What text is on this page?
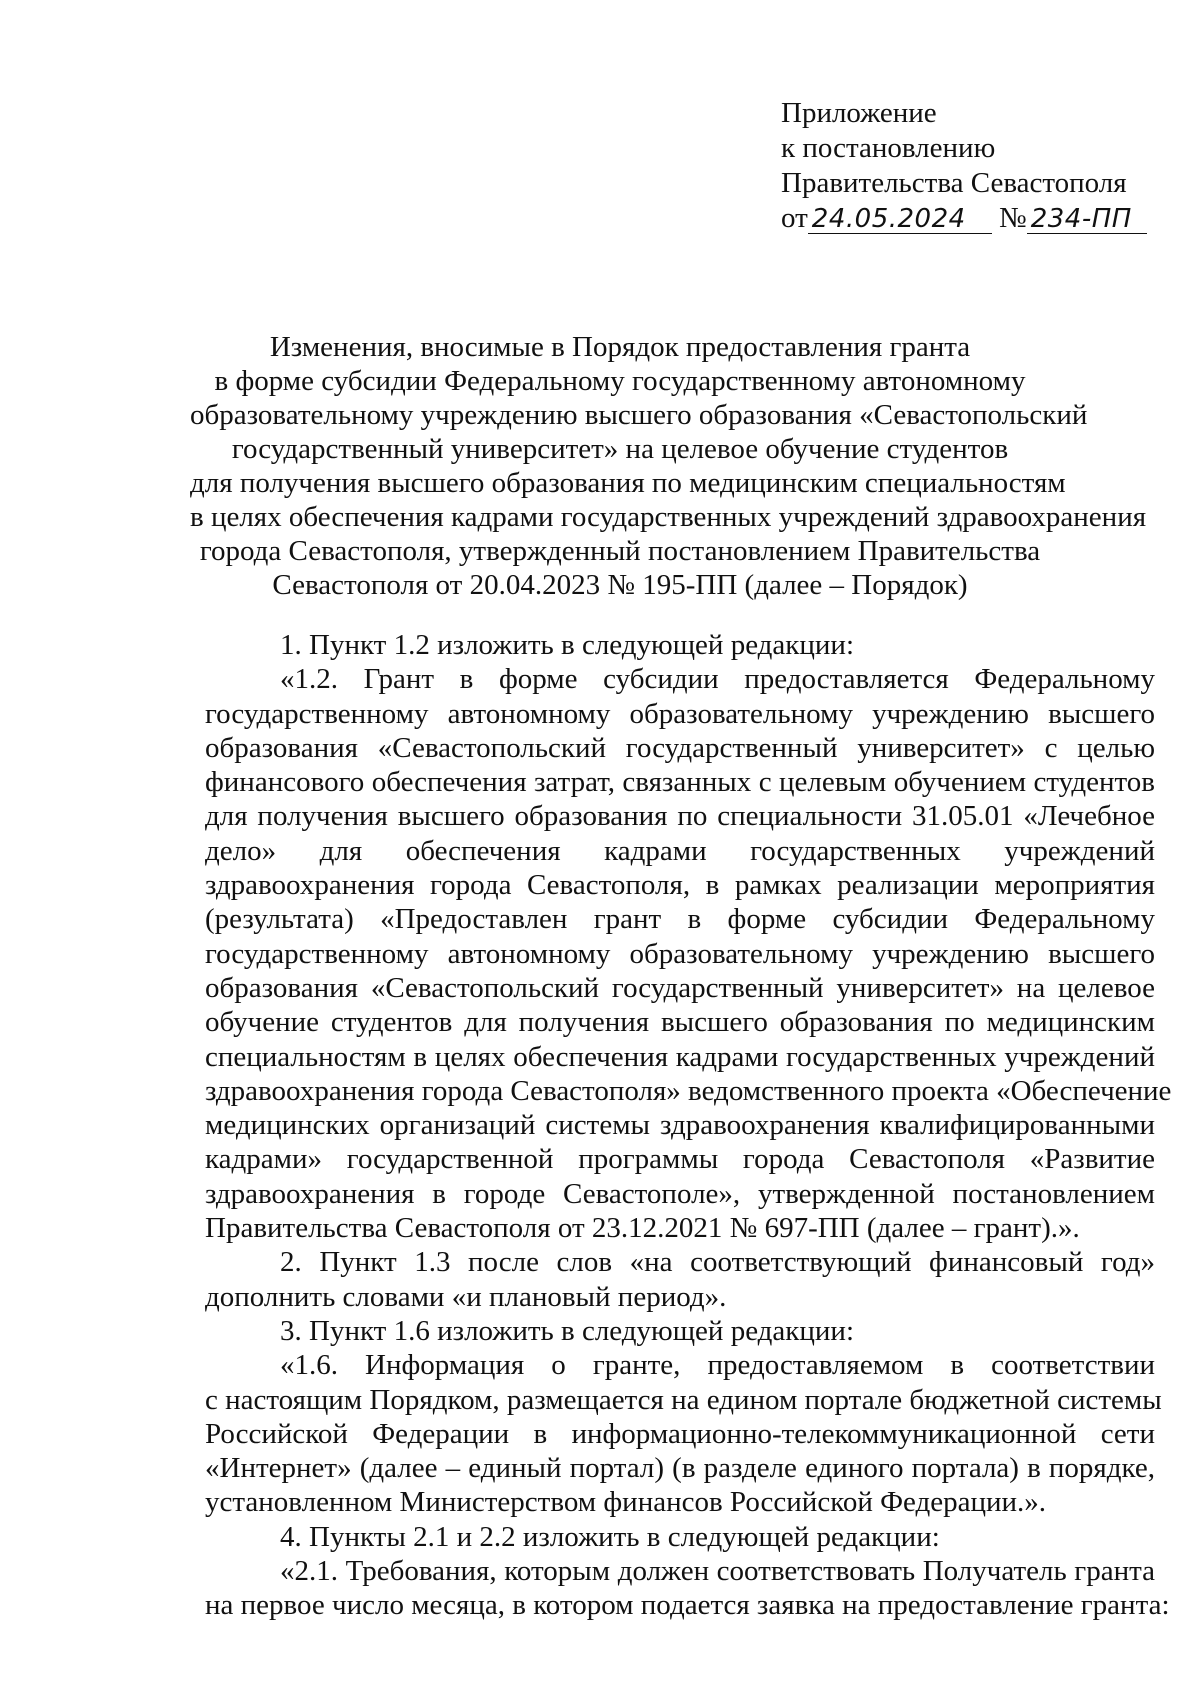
Приложение
к постановлению
Правительства Севастополя
от 24.05.2024 № 234-ПП
Изменения, вносимые в Порядок предоставления гранта
в форме субсидии Федеральному государственному автономному
образовательному учреждению высшего образования «Севастопольский
государственный университет» на целевое обучение студентов
для получения высшего образования по медицинским специальностям
в целях обеспечения кадрами государственных учреждений здравоохранения
города Севастополя, утвержденный постановлением Правительства
Севастополя от 20.04.2023 № 195-ПП (далее – Порядок)
1. Пункт 1.2 изложить в следующей редакции:
«1.2. Грант в форме субсидии предоставляется Федеральному
государственному автономному образовательному учреждению высшего
образования «Севастопольский государственный университет» с целью
финансового обеспечения затрат, связанных с целевым обучением студентов
для получения высшего образования по специальности 31.05.01 «Лечебное
дело» для обеспечения кадрами государственных учреждений
здравоохранения города Севастополя, в рамках реализации мероприятия
(результата) «Предоставлен грант в форме субсидии Федеральному
государственному автономному образовательному учреждению высшего
образования «Севастопольский государственный университет» на целевое
обучение студентов для получения высшего образования по медицинским
специальностям в целях обеспечения кадрами государственных учреждений
здравоохранения города Севастополя» ведомственного проекта «Обеспечение
медицинских организаций системы здравоохранения квалифицированными
кадрами» государственной программы города Севастополя «Развитие
здравоохранения в городе Севастополе», утвержденной постановлением
Правительства Севастополя от 23.12.2021 № 697-ПП (далее – грант).».
2. Пункт 1.3 после слов «на соответствующий финансовый год»
дополнить словами «и плановый период».
3. Пункт 1.6 изложить в следующей редакции:
«1.6. Информация о гранте, предоставляемом в соответствии
с настоящим Порядком, размещается на едином портале бюджетной системы
Российской Федерации в информационно-телекоммуникационной сети
«Интернет» (далее – единый портал) (в разделе единого портала) в порядке,
установленном Министерством финансов Российской Федерации.».
4. Пункты 2.1 и 2.2 изложить в следующей редакции:
«2.1. Требования, которым должен соответствовать Получатель гранта
на первое число месяца, в котором подается заявка на предоставление гранта:
